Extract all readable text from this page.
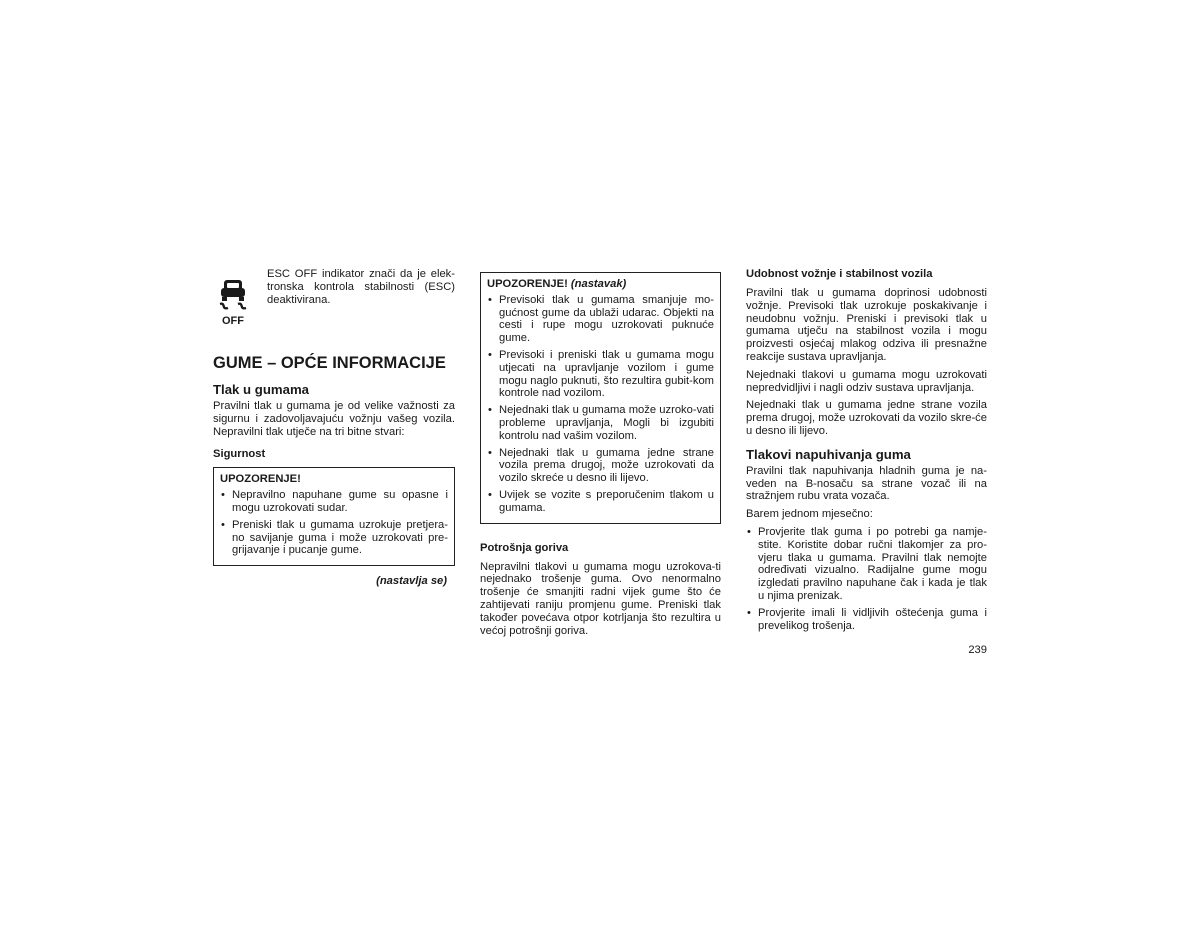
OFF
ESC OFF indikator znači da je elek-tronska kontrola stabilnosti (ESC) deaktivirana.
GUME – OPĆE INFORMACIJE
Tlak u gumama

Pravilni tlak u gumama je od velike važnosti za sigurnu i zadovoljavajuću vožnju vašeg vozila. Nepravilni tlak utječe na tri bitne stvari:

Sigurnost
UPOZORENJE!
• Nepravilno napuhane gume su opasne i mogu uzrokovati sudar.
• Preniski tlak u gumama uzrokuje pretjera-no savijanje guma i može uzrokovati pre-grijavanje i pucanje gume.
(nastavlja se)
UPOZORENJE! (nastavak)
• Previsoki tlak u gumama smanjuje mo-gućnost gume da ublaži udarac. Objekti na cesti i rupe mogu uzrokovati puknuće gume.
• Previsoki i preniski tlak u gumama mogu utjecati na upravljanje vozilom i gume mogu naglo puknuti, što rezultira gubit-kom kontrole nad vozilom.
• Nejednaki tlak u gumama može uzroko-vati probleme upravljanja, Mogli bi izgubiti kontrolu nad vašim vozilom.
• Nejednaki tlak u gumama jedne strane vozila prema drugoj, može uzrokovati da vozilo skreće u desno ili lijevo.
• Uvijek se vozite s preporučenim tlakom u gumama.
Potrošnja goriva

Nepravilni tlakovi u gumama mogu uzrokova-ti nejednako trošenje guma. Ovo nenormalno trošenje će smanjiti radni vijek gume što će zahtijevati raniju promjenu gume. Preniski tlak također povećava otpor kotrljanja što rezultira u većoj potrošnji goriva.

Udobnost vožnje i stabilnost vozila

Pravilni tlak u gumama doprinosi udobnosti vožnje. Previsoki tlak uzrokuje poskakivanje i neudobnu vožnju. Preniski i previsoki tlak u gumama utječu na stabilnost vozila i mogu proizvesti osjećaj mlakog odziva ili presnažne reakcije sustava upravljanja.

Nejednaki tlakovi u gumama mogu uzrokovati nepredvidljivi i nagli odziv sustava upravljanja.

Nejednaki tlak u gumama jedne strane vozila prema drugoj, može uzrokovati da vozilo skre-će u desno ili lijevo.

Tlakovi napuhivanja guma

Pravilni tlak napuhivanja hladnih guma je na-veden na B-nosaču sa strane vozač ili na stražnjem rubu vrata vozača.

Barem jednom mjesečno:

• Provjerite tlak guma i po potrebi ga namje-stite. Koristite dobar ručni tlakomjer za pro-vjeru tlaka u gumama. Pravilni tlak nemojte određivati vizualno. Radijalne gume mogu izgledati pravilno napuhane čak i kada je tlak u njima prenizak.
• Provjerite imali li vidljivih oštećenja guma i prevelikog trošenja.
239
